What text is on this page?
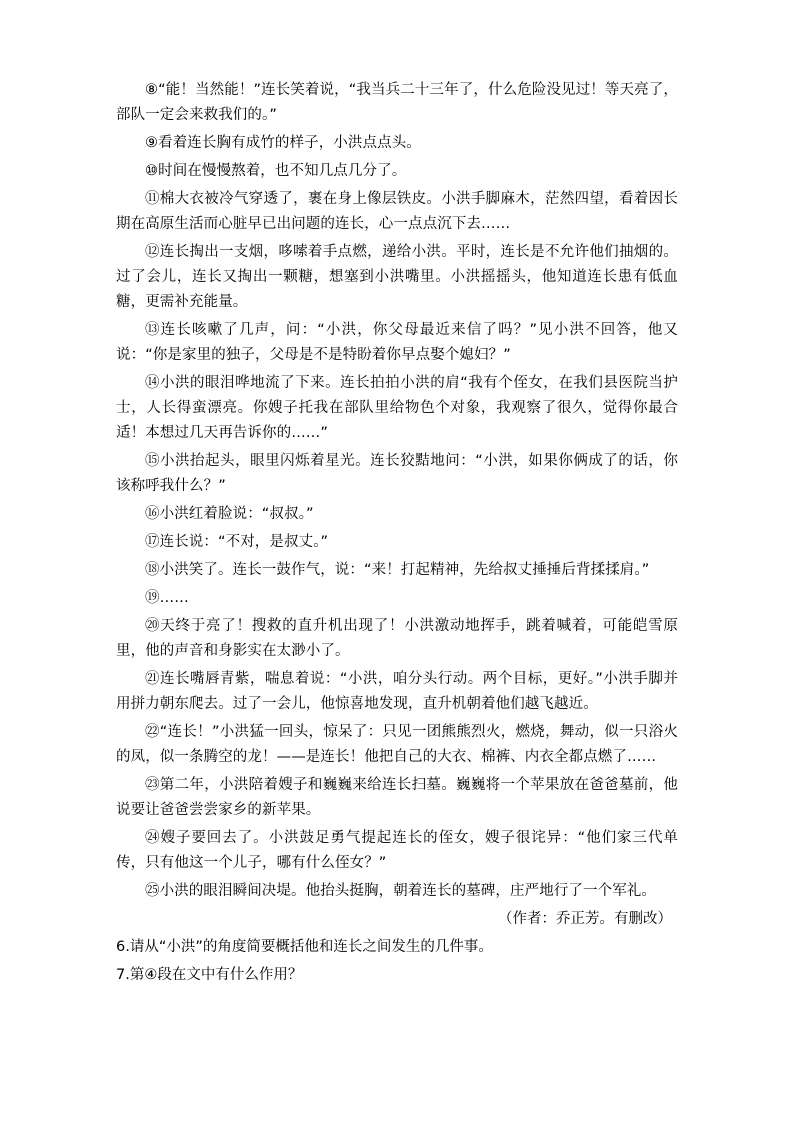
⑧“能！当然能！”连长笑着说，“我当兵二十三年了，什么危险没见过！等天亮了，部队一定会来救我们的。”

⑨看着连长胸有成竹的样子，小洪点点头。

⑩时间在慢慢熬着，也不知几点几分了。

⑪棉大衣被冷气穿透了，裹在身上像层铁皮。小洪手脚麻木，茫然四望，看着因长期在高原生活而心脏早已出问题的连长，心一点点沉下去……

⑫连长掏出一支烟，哆嗦着手点燃，递给小洪。平时，连长是不允许他们抽烟的。过了会儿，连长又掏出一颗糖，想塞到小洪嘴里。小洪摇摇头，他知道连长患有低血糖，更需补充能量。

⑬连长咳嗽了几声，问：“小洪，你父母最近来信了吗？”见小洪不回答，他又说：“你是家里的独子，父母是不是特盼着你早点娶个媳妇？”

⑭小洪的眼泪哗地流了下来。连长拍拍小洪的肩“我有个侄女，在我们县医院当护士，人长得蛮漂亮。你嫂子托我在部队里给物色个对象，我观察了很久，觉得你最合适！本想过几天再告诉你的……”

⑮小洪抬起头，眼里闪烁着星光。连长狡黠地问：“小洪，如果你俩成了的话，你该称呼我什么？”

⑯小洪红着脸说：“叔叔。”

⑰连长说：“不对，是叔丈。”

⑱小洪笑了。连长一鼓作气，说：“来！打起精神，先给叔丈捶捶后背揉揉肩。”

⑲……

⑳天终于亮了！搜救的直升机出现了！小洪激动地挥手，跳着喊着，可能皑雪原里，他的声音和身影实在太渺小了。

㉑连长嘴唇青紫，喘息着说：“小洪，咱分头行动。两个目标，更好。”小洪手脚并用拼力朝东爬去。过了一会儿，他惊喜地发现，直升机朝着他们越飞越近。

㉒“连长！”小洪猛一回头，惊呆了：只见一团熊熊烈火，燃烧，舞动，似一只浴火的凤，似一条腾空的龙！——是连长！他把自己的大衣、棉裤、内衣全都点燃了……

㉓第二年，小洪陪着嫂子和巍巍来给连长扫墓。巍巍将一个苹果放在爸爸墓前，他说要让爸爸尝尝家乡的新苹果。

㉔嫂子要回去了。小洪鼓足勇气提起连长的侄女，嫂子很诧异：“他们家三代单传，只有他这一个儿子，哪有什么侄女？”

㉕小洪的眼泪瞬间决堤。他抬头挺胸，朝着连长的墓碑，庄严地行了一个军礼。

（作者：乔正芳。有删改）

6.请从“小洪”的角度简要概括他和连长之间发生的几件事。

7.第④段在文中有什么作用？
